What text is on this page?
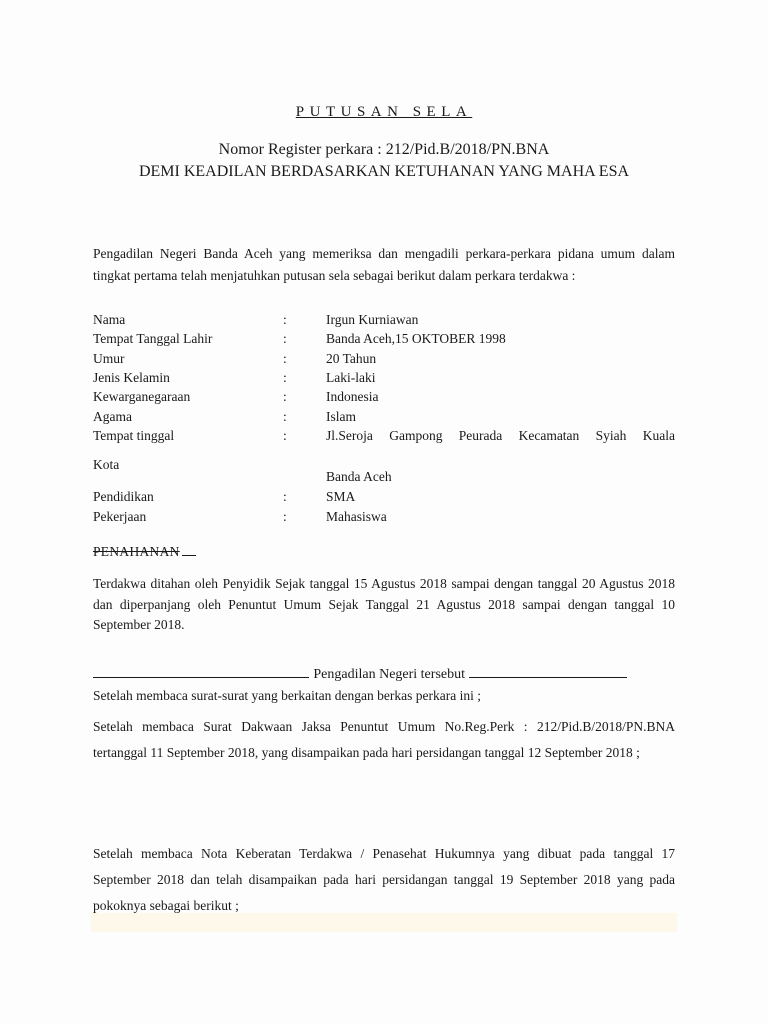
PUTUSAN SELA
Nomor Register perkara : 212/Pid.B/2018/PN.BNA
DEMI KEADILAN BERDASARKAN KETUHANAN YANG MAHA ESA
Pengadilan Negeri Banda Aceh yang memeriksa dan mengadili perkara-perkara pidana umum dalam tingkat pertama telah menjatuhkan putusan sela sebagai berikut dalam perkara terdakwa :
Nama	:	Irgun Kurniawan
Tempat Tanggal Lahir	:	Banda Aceh,15 OKTOBER 1998
Umur	:	20 Tahun
Jenis Kelamin	:	Laki-laki
Kewarganegaraan	:	Indonesia
Agama	:	Islam
Tempat tinggal	:	Jl.Seroja Gampong Peurada Kecamatan Syiah Kuala
Kota
Banda Aceh
Pendidikan	:	SMA
Pekerjaan	:	Mahasiswa
PENAHANAN
Terdakwa ditahan oleh Penyidik Sejak tanggal 15 Agustus 2018 sampai dengan tanggal 20 Agustus 2018 dan diperpanjang oleh Penuntut Umum Sejak Tanggal 21 Agustus 2018 sampai dengan tanggal 10 September 2018.
Pengadilan Negeri tersebut
Setelah membaca surat-surat yang berkaitan dengan berkas perkara ini ;
Setelah membaca Surat Dakwaan Jaksa Penuntut Umum No.Reg.Perk : 212/Pid.B/2018/PN.BNA tertanggal 11 September 2018, yang disampaikan pada hari persidangan tanggal 12 September 2018 ;
Setelah membaca Nota Keberatan Terdakwa / Penasehat Hukumnya yang dibuat pada tanggal 17 September 2018 dan telah disampaikan pada hari persidangan tanggal 19 September 2018 yang pada pokoknya sebagai berikut ;
